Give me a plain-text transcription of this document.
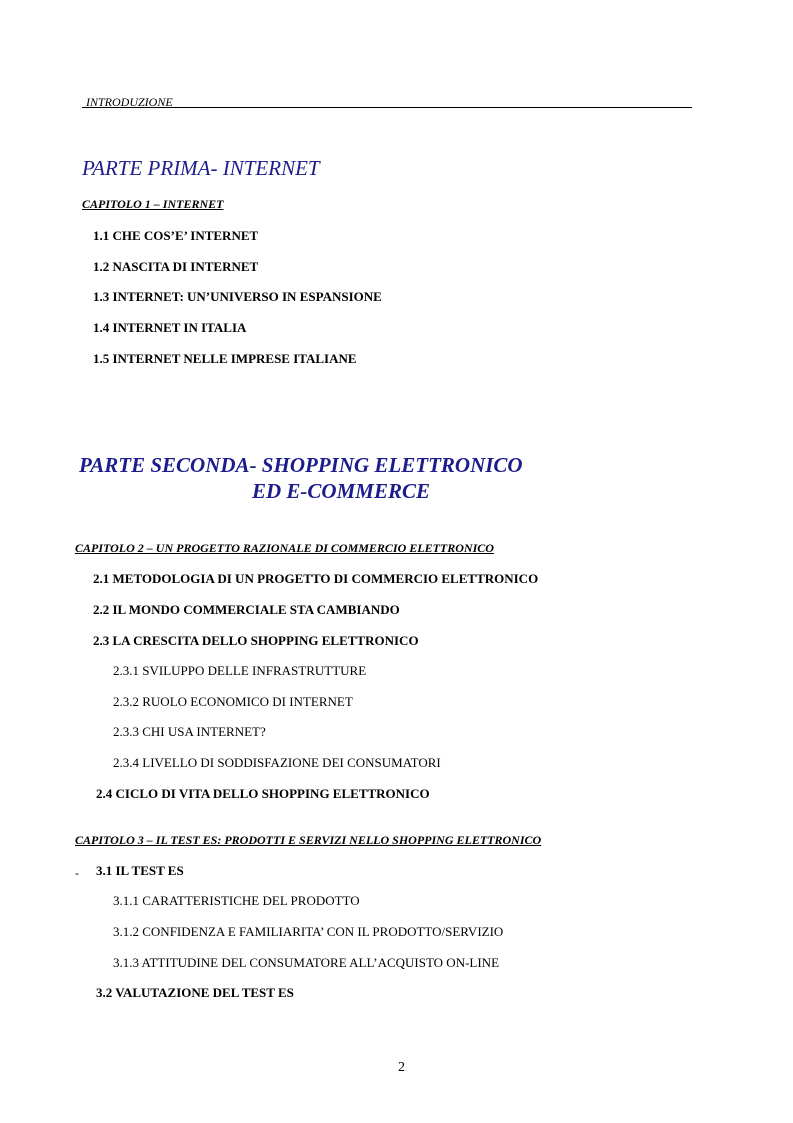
INTRODUZIONE
PARTE PRIMA- INTERNET
CAPITOLO 1 – INTERNET
1.1 CHE COS’E’ INTERNET
1.2 NASCITA DI INTERNET
1.3 INTERNET: UN’UNIVERSO IN ESPANSIONE
1.4 INTERNET IN ITALIA
1.5 INTERNET NELLE IMPRESE ITALIANE
PARTE SECONDA- SHOPPING ELETTRONICO
ED E-COMMERCE
CAPITOLO 2 – UN PROGETTO RAZIONALE DI COMMERCIO ELETTRONICO
2.1 METODOLOGIA DI UN PROGETTO DI COMMERCIO ELETTRONICO
2.2 IL MONDO COMMERCIALE STA CAMBIANDO
2.3 LA CRESCITA DELLO SHOPPING ELETTRONICO
2.3.1 SVILUPPO DELLE INFRASTRUTTURE
2.3.2 RUOLO ECONOMICO DI INTERNET
2.3.3 CHI USA INTERNET?
2.3.4 LIVELLO DI SODDISFAZIONE DEI CONSUMATORI
2.4 CICLO DI VITA DELLO SHOPPING ELETTRONICO
CAPITOLO 3 – IL TEST ES: PRODOTTI E SERVIZI NELLO SHOPPING ELETTRONICO
- 3.1 IL TEST ES
3.1.1 CARATTERISTICHE DEL PRODOTTO
3.1.2 CONFIDENZA E FAMILIARITA’ CON IL PRODOTTO/SERVIZIO
3.1.3 ATTITUDINE DEL CONSUMATORE ALL’ACQUISTO ON-LINE
3.2 VALUTAZIONE DEL TEST ES
2
